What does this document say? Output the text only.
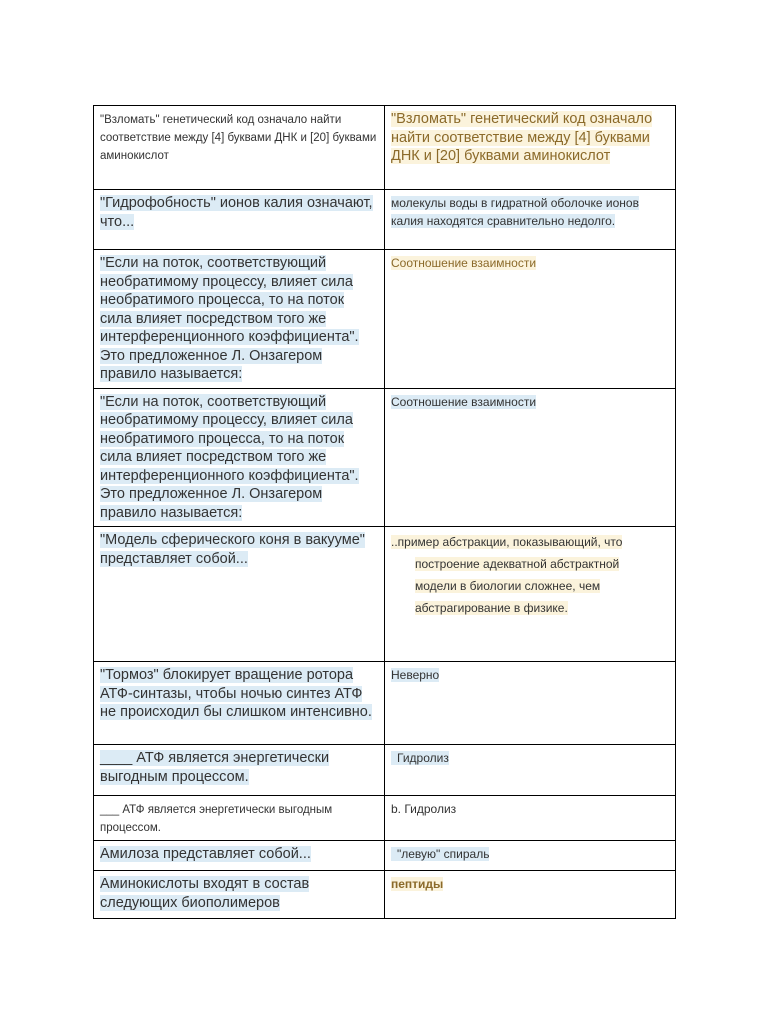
"Взломать" генетический код означало найти соответствие между [4] буквами ДНК и [20] буквами аминокислот	"Взломать" генетический код означало найти соответствие между [4] буквами ДНК и [20] буквами аминокислот
"Гидрофобность" ионов калия означают, что...	молекулы воды в гидратной оболочке ионов калия находятся сравнительно недолго.
"Если на поток, соответствующий необратимому процессу, влияет сила необратимого процесса, то на поток сила влияет посредством того же интерференционного коэффициента". Это предложенное Л. Онзагером правило называется:	Соотношение взаимности
"Если на поток, соответствующий необратимому процессу, влияет сила необратимого процесса, то на поток сила влияет посредством того же интерференционного коэффициента". Это предложенное Л. Онзагером правило называется:	Соотношение взаимности
"Модель сферического коня в вакууме" представляет собой...	..пример абстракции, показывающий, что
построение адекватной абстрактной
модели в биологии сложнее, чем
абстрагирование в физике.

"Тормоз" блокирует вращение ротора АТФ-синтазы, чтобы ночью синтез АТФ не происходил бы слишком интенсивно.	Неверно
____ АТФ является энергетически выгодным процессом.	Гидролиз
___ АТФ является энергетически выгодным процессом.	b. Гидролиз
Амилоза представляет собой...	"левую" спираль
Аминокислоты входят в состав следующих биополимеров	пептиды
